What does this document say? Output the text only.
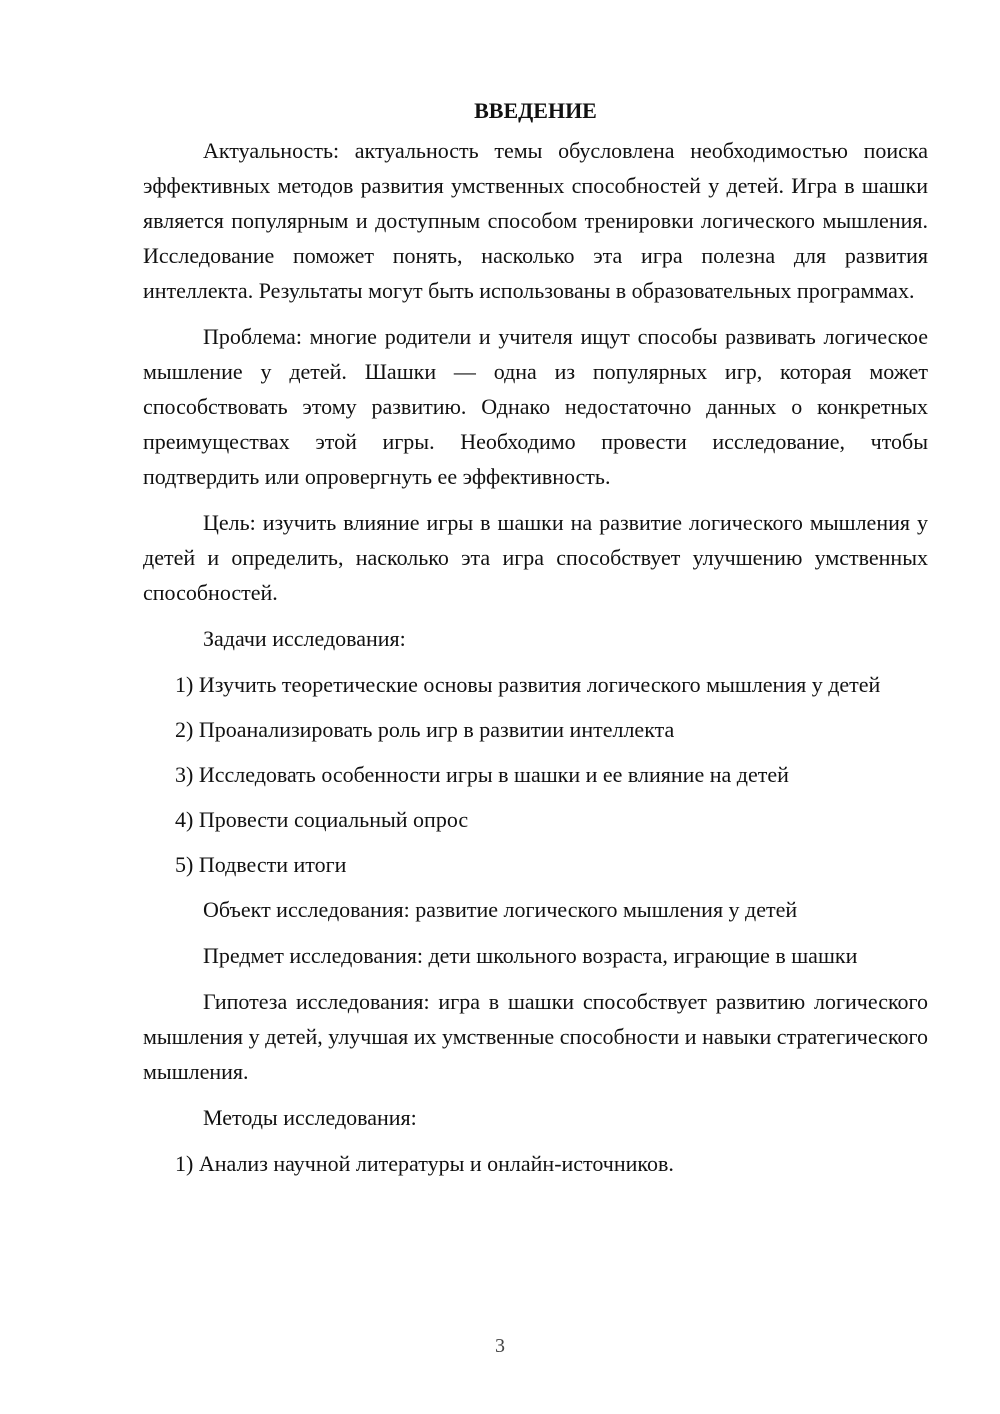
ВВЕДЕНИЕ

Актуальность: актуальность темы обусловлена необходимостью поиска эффективных методов развития умственных способностей у детей. Игра в шашки является популярным и доступным способом тренировки логического мышления. Исследование поможет понять, насколько эта игра полезна для развития интеллекта. Результаты могут быть использованы в образовательных программах.

Проблема: многие родители и учителя ищут способы развивать логическое мышление у детей. Шашки — одна из популярных игр, которая может способствовать этому развитию. Однако недостаточно данных о конкретных преимуществах этой игры. Необходимо провести исследование, чтобы подтвердить или опровергнуть ее эффективность.

Цель: изучить влияние игры в шашки на развитие логического мышления у детей и определить, насколько эта игра способствует улучшению умственных способностей.

Задачи исследования:

1) Изучить теоретические основы развития логического мышления у детей

2) Проанализировать роль игр в развитии интеллекта

3) Исследовать особенности игры в шашки и ее влияние на детей

4) Провести социальный опрос

5) Подвести итоги

Объект исследования: развитие логического мышления у детей

Предмет исследования: дети школьного возраста, играющие в шашки

Гипотеза исследования: игра в шашки способствует развитию логического мышления у детей, улучшая их умственные способности и навыки стратегического мышления.

Методы исследования:

1) Анализ научной литературы и онлайн-источников.

3
